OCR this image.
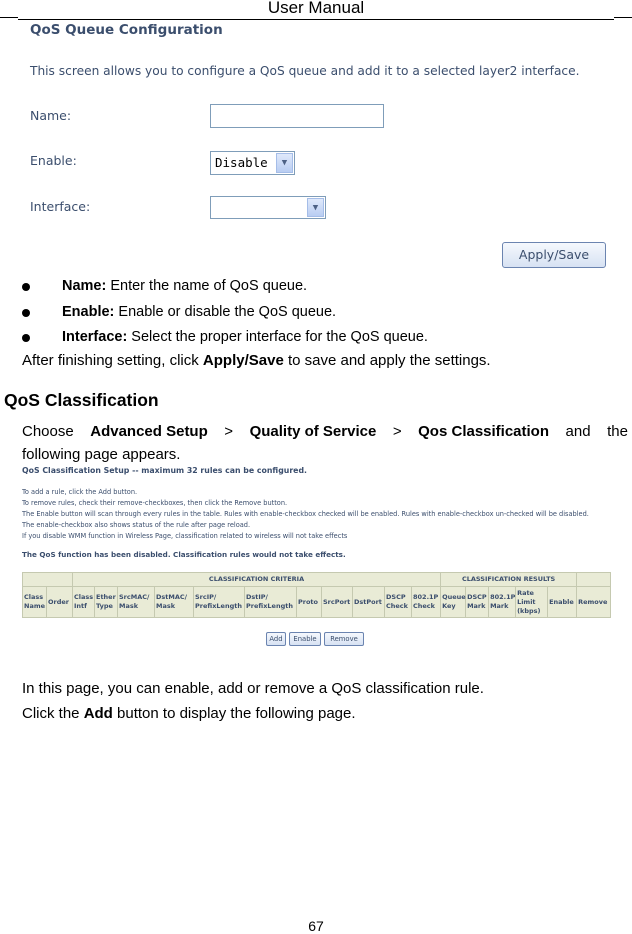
User Manual
QoS Queue Configuration
This screen allows you to configure a QoS queue and add it to a selected layer2 interface.
Name:
Enable:	Disable	▼
Interface:	▼
Apply/Save
Name: Enter the name of QoS queue.
Enable: Enable or disable the QoS queue.
Interface: Select the proper interface for the QoS queue.
After finishing setting, click Apply/Save to save and apply the settings.
QoS Classification
Choose Advanced Setup > Quality of Service > Qos Classification and the
following page appears.
QoS Classification Setup -- maximum 32 rules can be configured.
To add a rule, click the Add button.
To remove rules, check their remove-checkboxes, then click the Remove button.
The Enable button will scan through every rules in the table. Rules with enable-checkbox checked will be enabled. Rules with enable-checkbox un-checked will be disabled.
The enable-checkbox also shows status of the rule after page reload.
If you disable WMM function in Wireless Page, classification related to wireless will not take effects
The QoS function has been disabled. Classification rules would not take effects.
		CLASSIFICATION CRITERIA											CLASSIFICATION RESULTS					
Class Name	Order	Class Intf	Ether Type	SrcMAC/ Mask	DstMAC/ Mask	SrcIP/ PrefixLength	DstIP/ PrefixLength	Proto	SrcPort	DstPort	DSCP Check	802.1P Check	Queue Key	DSCP Mark	802.1P Mark	Rate Limit (kbps)	Enable	Remove
Add	Enable	Remove
In this page, you can enable, add or remove a QoS classification rule.
Click the Add button to display the following page.
67
